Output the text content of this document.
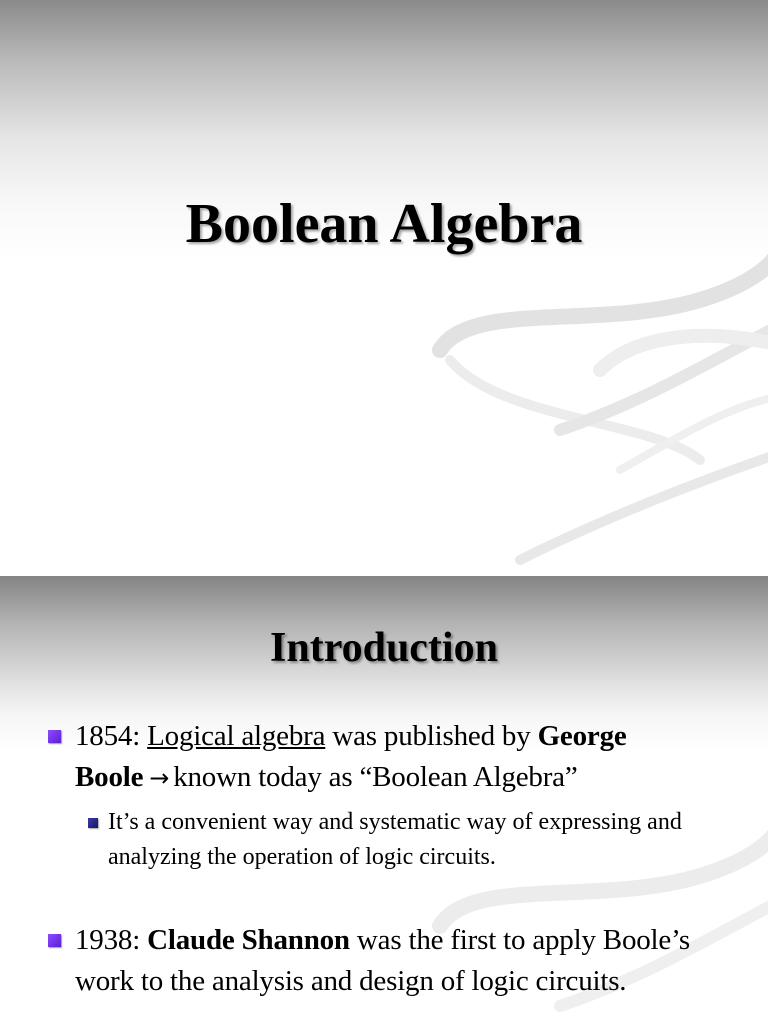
Boolean Algebra
Introduction
1854: Logical algebra was published by George Boole → known today as “Boolean Algebra”
It’s a convenient way and systematic way of expressing and analyzing the operation of logic circuits.
1938: Claude Shannon was the first to apply Boole’s work to the analysis and design of logic circuits.
